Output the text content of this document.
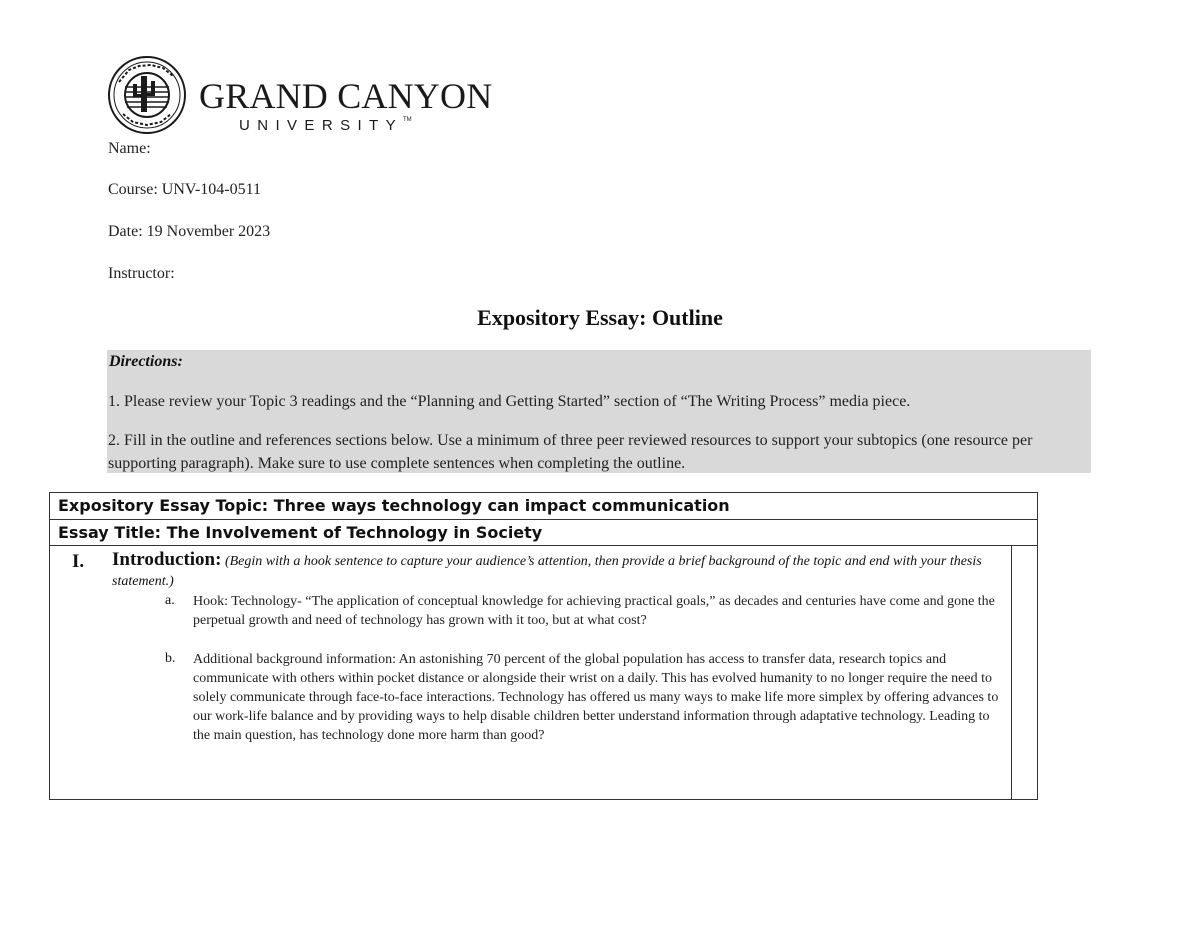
GRAND CANYON
UNIVERSITY™
Name:
Course: UNV-104-0511
Date: 19 November 2023
Instructor:
Expository Essay: Outline
Directions:
1. Please review your Topic 3 readings and the “Planning and Getting Started” section of “The Writing Process” media piece.
2. Fill in the outline and references sections below. Use a minimum of three peer reviewed resources to support your subtopics (one resource per supporting paragraph). Make sure to use complete sentences when completing the outline.
Expository Essay Topic: Three ways technology can impact communication
Essay Title: The Involvement of Technology in Society
I. Introduction: (Begin with a hook sentence to capture your audience’s attention, then provide a brief background of the topic and end with your thesis statement.)
a. Hook: Technology- “The application of conceptual knowledge for achieving practical goals,” as decades and centuries have come and gone the perpetual growth and need of technology has grown with it too, but at what cost?
b. Additional background information: An astonishing 70 percent of the global population has access to transfer data, research topics and communicate with others within pocket distance or alongside their wrist on a daily. This has evolved humanity to no longer require the need to solely communicate through face-to-face interactions. Technology has offered us many ways to make life more simplex by offering advances to our work-life balance and by providing ways to help disable children better understand information through adaptative technology. Leading to the main question, has technology done more harm than good?
